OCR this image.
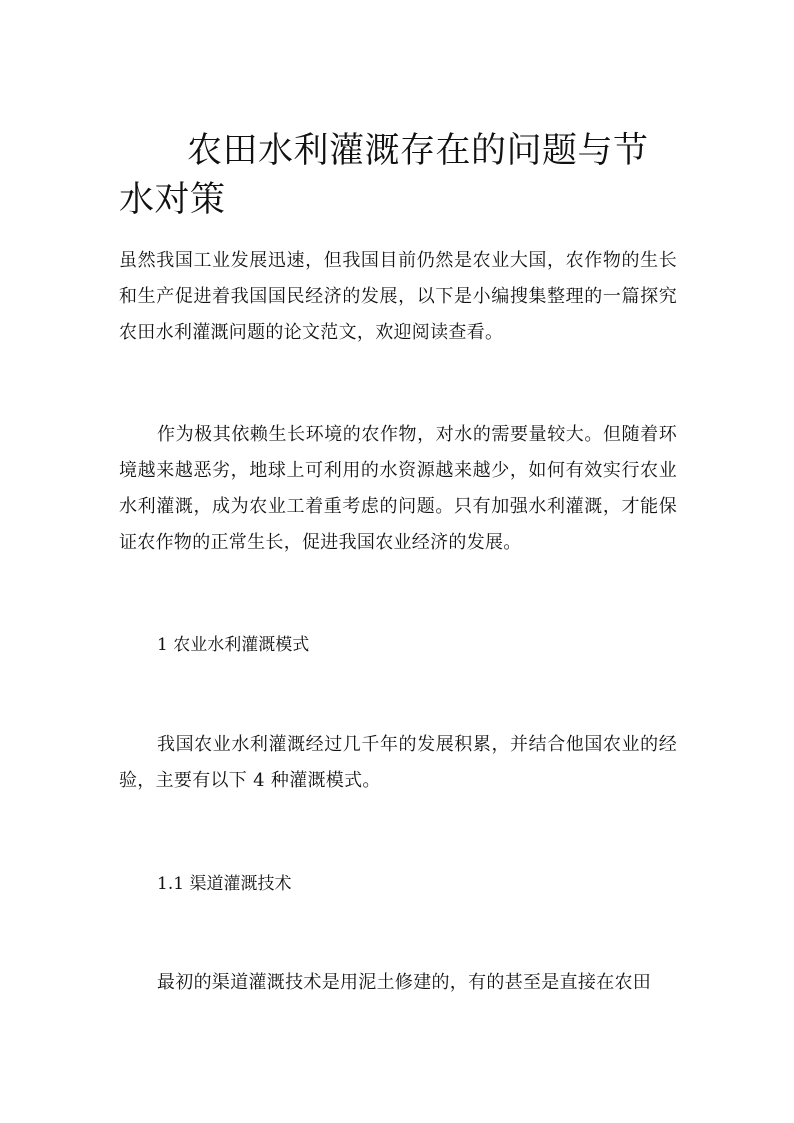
农田水利灌溉存在的问题与节水对策

虽然我国工业发展迅速，但我国目前仍然是农业大国，农作物的生长和生产促进着我国国民经济的发展，以下是小编搜集整理的一篇探究农田水利灌溉问题的论文范文，欢迎阅读查看。

作为极其依赖生长环境的农作物，对水的需要量较大。但随着环境越来越恶劣，地球上可利用的水资源越来越少，如何有效实行农业水利灌溉，成为农业工着重考虑的问题。只有加强水利灌溉，才能保证农作物的正常生长，促进我国农业经济的发展。

1 农业水利灌溉模式

我国农业水利灌溉经过几千年的发展积累，并结合他国农业的经验，主要有以下 4 种灌溉模式。

1.1 渠道灌溉技术

最初的渠道灌溉技术是用泥土修建的，有的甚至是直接在农田
